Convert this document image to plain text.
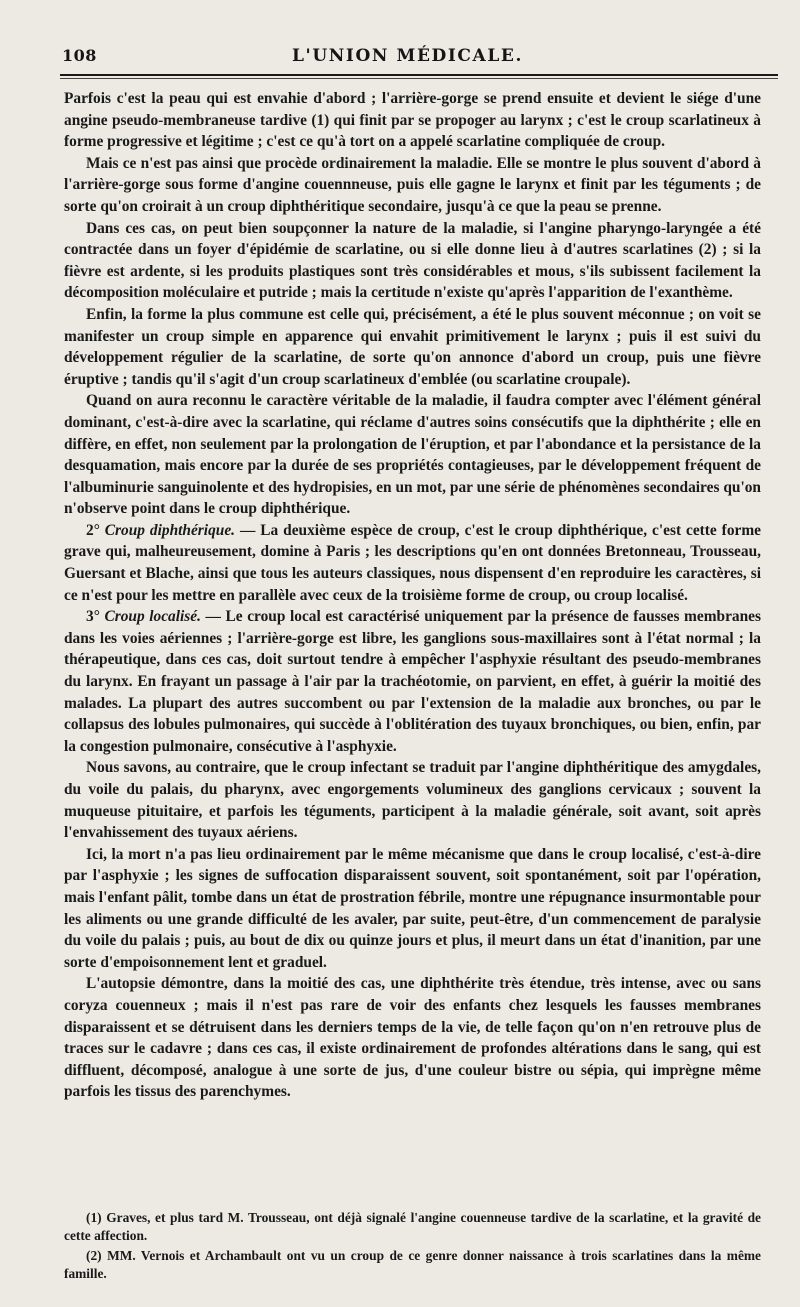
108	L'UNION MÉDICALE.

Parfois c'est la peau qui est envahie d'abord ; l'arrière-gorge se prend ensuite et devient le siége d'une angine pseudo-membraneuse tardive (1) qui finit par se propoger au larynx ; c'est le croup scarlatineux à forme progressive et légitime ; c'est ce qu'à tort on a appelé scarlatine compliquée de croup.

Mais ce n'est pas ainsi que procède ordinairement la maladie. Elle se montre le plus souvent d'abord à l'arrière-gorge sous forme d'angine couennneuse, puis elle gagne le larynx et finit par les téguments ; de sorte qu'on croirait à un croup diphthéritique secondaire, jusqu'à ce que la peau se prenne.

Dans ces cas, on peut bien soupçonner la nature de la maladie, si l'angine pharyngo-laryngée a été contractée dans un foyer d'épidémie de scarlatine, ou si elle donne lieu à d'autres scarlatines (2) ; si la fièvre est ardente, si les produits plastiques sont très considérables et mous, s'ils subissent facilement la décomposition moléculaire et putride ; mais la certitude n'existe qu'après l'apparition de l'exanthème.

Enfin, la forme la plus commune est celle qui, précisément, a été le plus souvent méconnue ; on voit se manifester un croup simple en apparence qui envahit primitivement le larynx ; puis il est suivi du développement régulier de la scarlatine, de sorte qu'on annonce d'abord un croup, puis une fièvre éruptive ; tandis qu'il s'agit d'un croup scarlatineux d'emblée (ou scarlatine croupale).

Quand on aura reconnu le caractère véritable de la maladie, il faudra compter avec l'élément général dominant, c'est-à-dire avec la scarlatine, qui réclame d'autres soins consécutifs que la diphthérite ; elle en diffère, en effet, non seulement par la prolongation de l'éruption, et par l'abondance et la persistance de la desquamation, mais encore par la durée de ses propriétés contagieuses, par le développement fréquent de l'albuminurie sanguinolente et des hydropisies, en un mot, par une série de phénomènes secondaires qu'on n'observe point dans le croup diphthérique.

2° Croup diphthérique. — La deuxième espèce de croup, c'est le croup diphthérique, c'est cette forme grave qui, malheureusement, domine à Paris ; les descriptions qu'en ont données Bretonneau, Trousseau, Guersant et Blache, ainsi que tous les auteurs classiques, nous dispensent d'en reproduire les caractères, si ce n'est pour les mettre en parallèle avec ceux de la troisième forme de croup, ou croup localisé.

3° Croup localisé. — Le croup local est caractérisé uniquement par la présence de fausses membranes dans les voies aériennes ; l'arrière-gorge est libre, les ganglions sous-maxillaires sont à l'état normal ; la thérapeutique, dans ces cas, doit surtout tendre à empêcher l'asphyxie résultant des pseudo-membranes du larynx. En frayant un passage à l'air par la trachéotomie, on parvient, en effet, à guérir la moitié des malades. La plupart des autres succombent ou par l'extension de la maladie aux bronches, ou par le collapsus des lobules pulmonaires, qui succède à l'oblitération des tuyaux bronchiques, ou bien, enfin, par la congestion pulmonaire, consécutive à l'asphyxie.

Nous savons, au contraire, que le croup infectant se traduit par l'angine diphthéritique des amygdales, du voile du palais, du pharynx, avec engorgements volumineux des ganglions cervicaux ; souvent la muqueuse pituitaire, et parfois les téguments, participent à la maladie générale, soit avant, soit après l'envahissement des tuyaux aériens.

Ici, la mort n'a pas lieu ordinairement par le même mécanisme que dans le croup localisé, c'est-à-dire par l'asphyxie ; les signes de suffocation disparaissent souvent, soit spontanément, soit par l'opération, mais l'enfant pâlit, tombe dans un état de prostration fébrile, montre une répugnance insurmontable pour les aliments ou une grande difficulté de les avaler, par suite, peut-être, d'un commencement de paralysie du voile du palais ; puis, au bout de dix ou quinze jours et plus, il meurt dans un état d'inanition, par une sorte d'empoisonnement lent et graduel.

L'autopsie démontre, dans la moitié des cas, une diphthérite très étendue, très intense, avec ou sans coryza couenneux ; mais il n'est pas rare de voir des enfants chez lesquels les fausses membranes disparaissent et se détruisent dans les derniers temps de la vie, de telle façon qu'on n'en retrouve plus de traces sur le cadavre ; dans ces cas, il existe ordinairement de profondes altérations dans le sang, qui est diffluent, décomposé, analogue à une sorte de jus, d'une couleur bistre ou sépia, qui imprègne même parfois les tissus des parenchymes.

(1) Graves, et plus tard M. Trousseau, ont déjà signalé l'angine couenneuse tardive de la scarlatine, et la gravité de cette affection.

(2) MM. Vernois et Archambault ont vu un croup de ce genre donner naissance à trois scarlatines dans la même famille.
